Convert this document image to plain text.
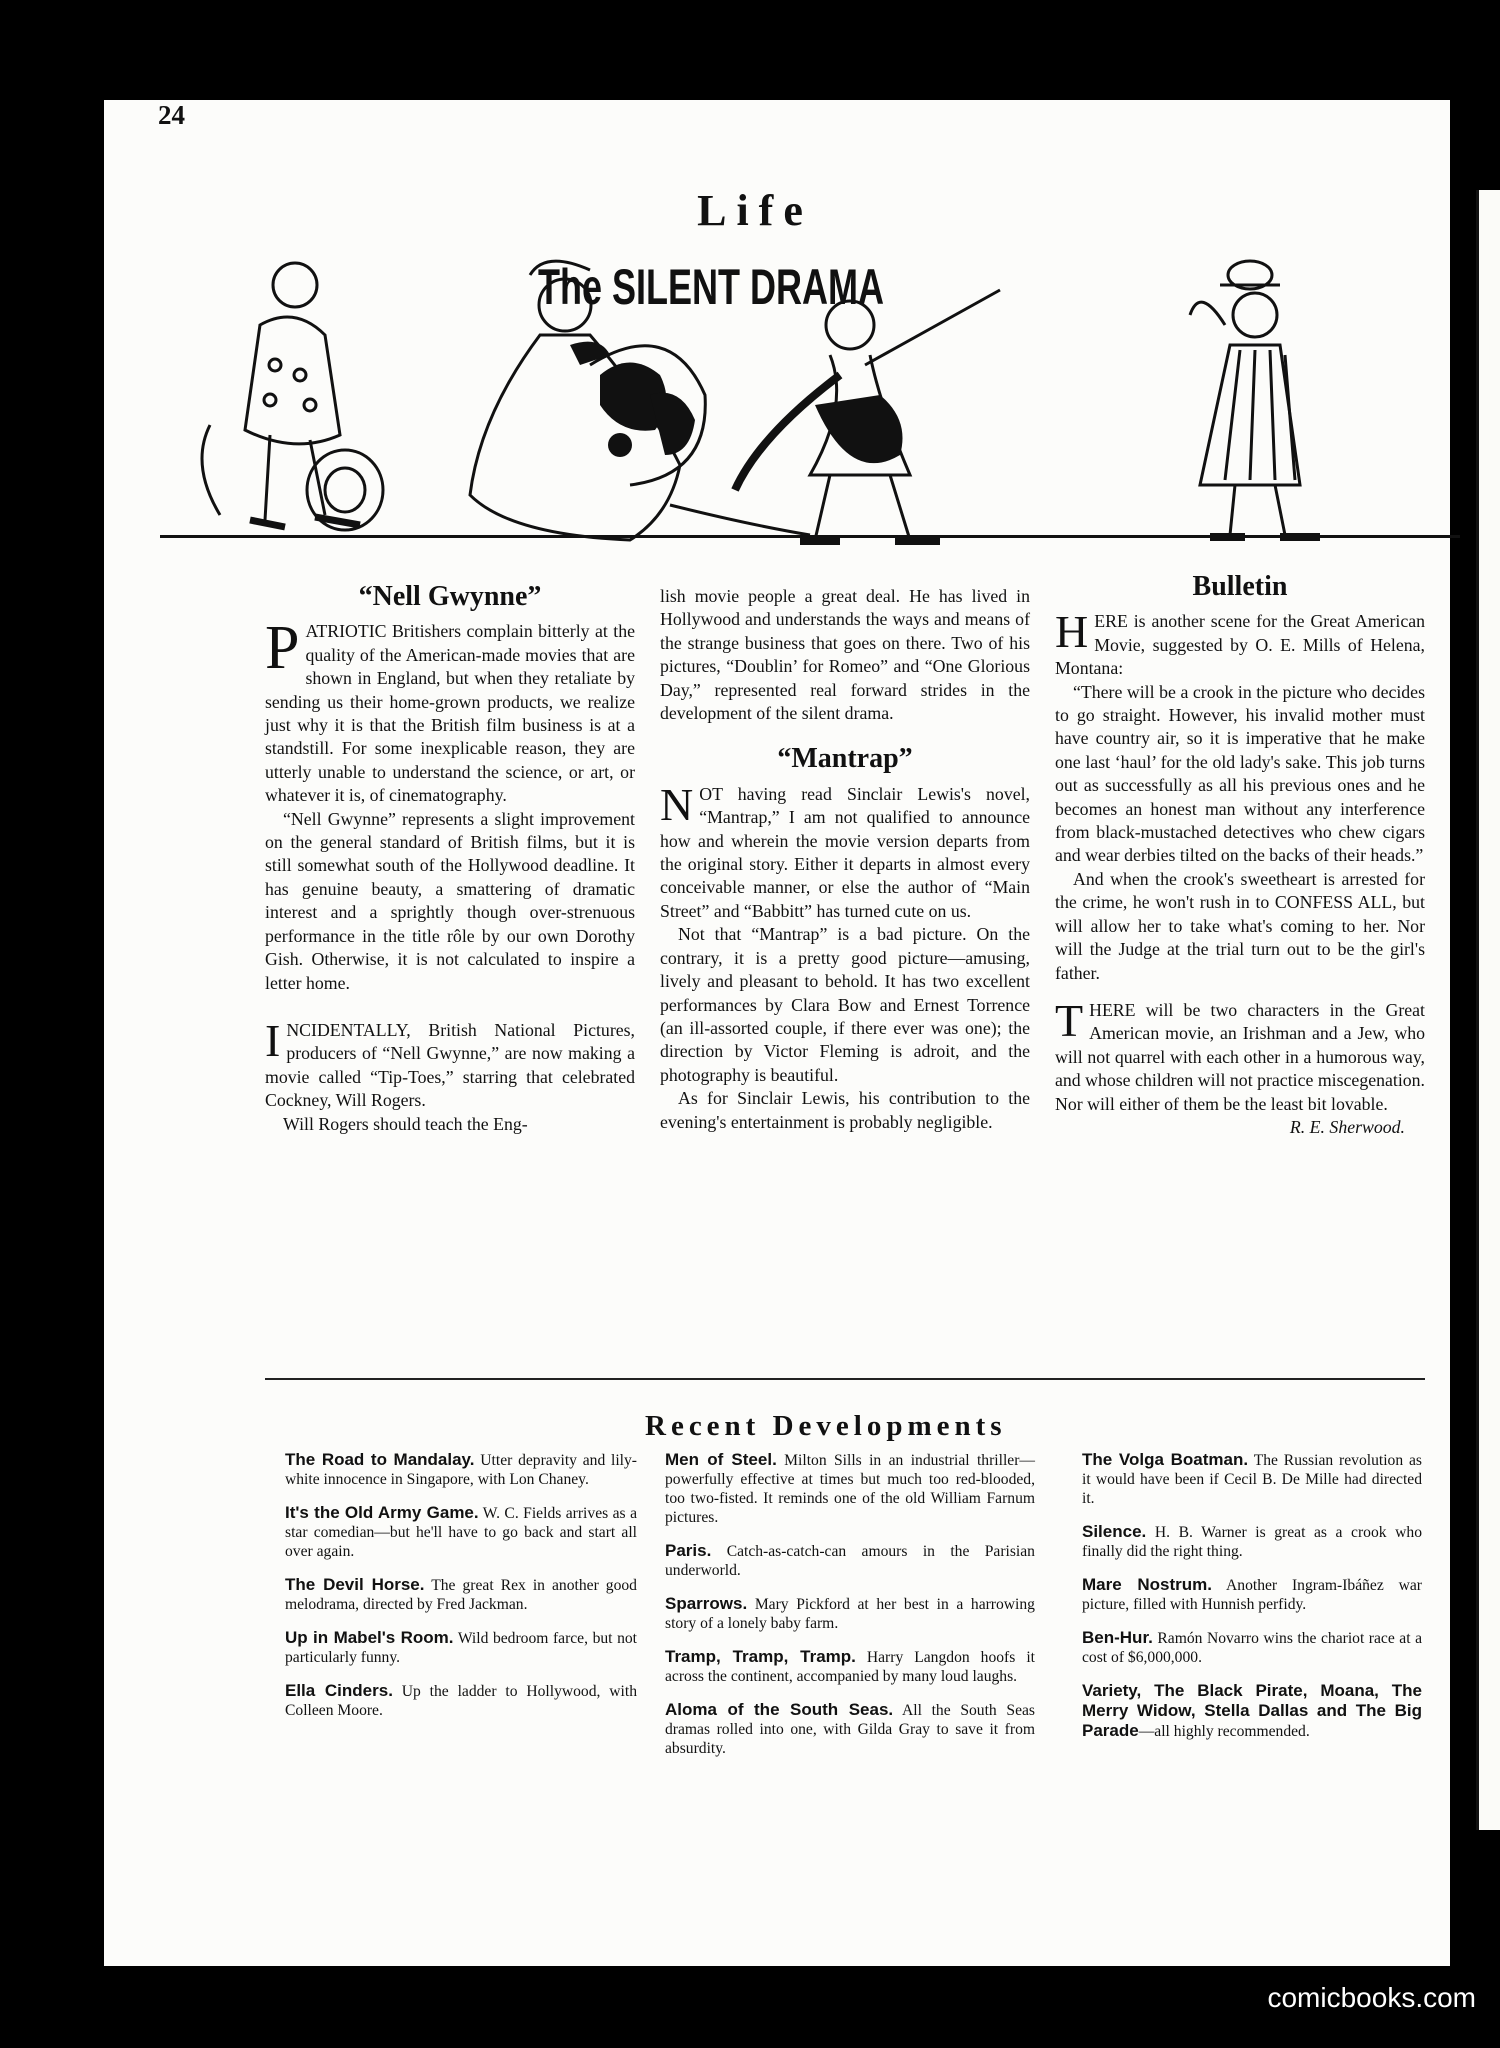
24
Life
The SILENT DRAMA
“Nell Gwynne”

PATRIOTIC Britishers complain bitterly at the quality of the American-made movies that are shown in England, but when they retaliate by sending us their home-grown products, we realize just why it is that the British film business is at a standstill. For some inexplicable reason, they are utterly unable to understand the science, or art, or whatever it is, of cinematography.

“Nell Gwynne” represents a slight improvement on the general standard of British films, but it is still somewhat south of the Hollywood deadline. It has genuine beauty, a smattering of dramatic interest and a sprightly though over-strenuous performance in the title rôle by our own Dorothy Gish. Otherwise, it is not calculated to inspire a letter home.

INCIDENTALLY, British National Pictures, producers of “Nell Gwynne,” are now making a movie called “Tip-Toes,” starring that celebrated Cockney, Will Rogers.

Will Rogers should teach the Eng-

lish movie people a great deal. He has lived in Hollywood and understands the ways and means of the strange business that goes on there. Two of his pictures, “Doublin’ for Romeo” and “One Glorious Day,” represented real forward strides in the development of the silent drama.

“Mantrap”

NOT having read Sinclair Lewis's novel, “Mantrap,” I am not qualified to announce how and wherein the movie version departs from the original story. Either it departs in almost every conceivable manner, or else the author of “Main Street” and “Babbitt” has turned cute on us.

Not that “Mantrap” is a bad picture. On the contrary, it is a pretty good picture—amusing, lively and pleasant to behold. It has two excellent performances by Clara Bow and Ernest Torrence (an ill-assorted couple, if there ever was one); the direction by Victor Fleming is adroit, and the photography is beautiful.

As for Sinclair Lewis, his contribution to the evening's entertainment is probably negligible.

Bulletin

HERE is another scene for the Great American Movie, suggested by O. E. Mills of Helena, Montana:

“There will be a crook in the picture who decides to go straight. However, his invalid mother must have country air, so it is imperative that he make one last ‘haul’ for the old lady's sake. This job turns out as successfully as all his previous ones and he becomes an honest man without any interference from black-mustached detectives who chew cigars and wear derbies tilted on the backs of their heads.”

And when the crook's sweetheart is arrested for the crime, he won't rush in to CONFESS ALL, but will allow her to take what's coming to her. Nor will the Judge at the trial turn out to be the girl's father.

THERE will be two characters in the Great American movie, an Irishman and a Jew, who will not quarrel with each other in a humorous way, and whose children will not practice miscegenation. Nor will either of them be the least bit lovable.

R. E. Sherwood.
Recent Developments
The Road to Mandalay. Utter depravity and lily-white innocence in Singapore, with Lon Chaney.
It's the Old Army Game. W. C. Fields arrives as a star comedian—but he'll have to go back and start all over again.
The Devil Horse. The great Rex in another good melodrama, directed by Fred Jackman.
Up in Mabel's Room. Wild bedroom farce, but not particularly funny.
Ella Cinders. Up the ladder to Hollywood, with Colleen Moore.
Men of Steel. Milton Sills in an industrial thriller—powerfully effective at times but much too red-blooded, too two-fisted. It reminds one of the old William Farnum pictures.
Paris. Catch-as-catch-can amours in the Parisian underworld.
Sparrows. Mary Pickford at her best in a harrowing story of a lonely baby farm.
Tramp, Tramp, Tramp. Harry Langdon hoofs it across the continent, accompanied by many loud laughs.
Aloma of the South Seas. All the South Seas dramas rolled into one, with Gilda Gray to save it from absurdity.
The Volga Boatman. The Russian revolution as it would have been if Cecil B. De Mille had directed it.
Silence. H. B. Warner is great as a crook who finally did the right thing.
Mare Nostrum. Another Ingram-Ibáñez war picture, filled with Hunnish perfidy.
Ben-Hur. Ramón Novarro wins the chariot race at a cost of $6,000,000.
Variety, The Black Pirate, Moana, The Merry Widow, Stella Dallas and The Big Parade—all highly recommended.
comicbooks.com
